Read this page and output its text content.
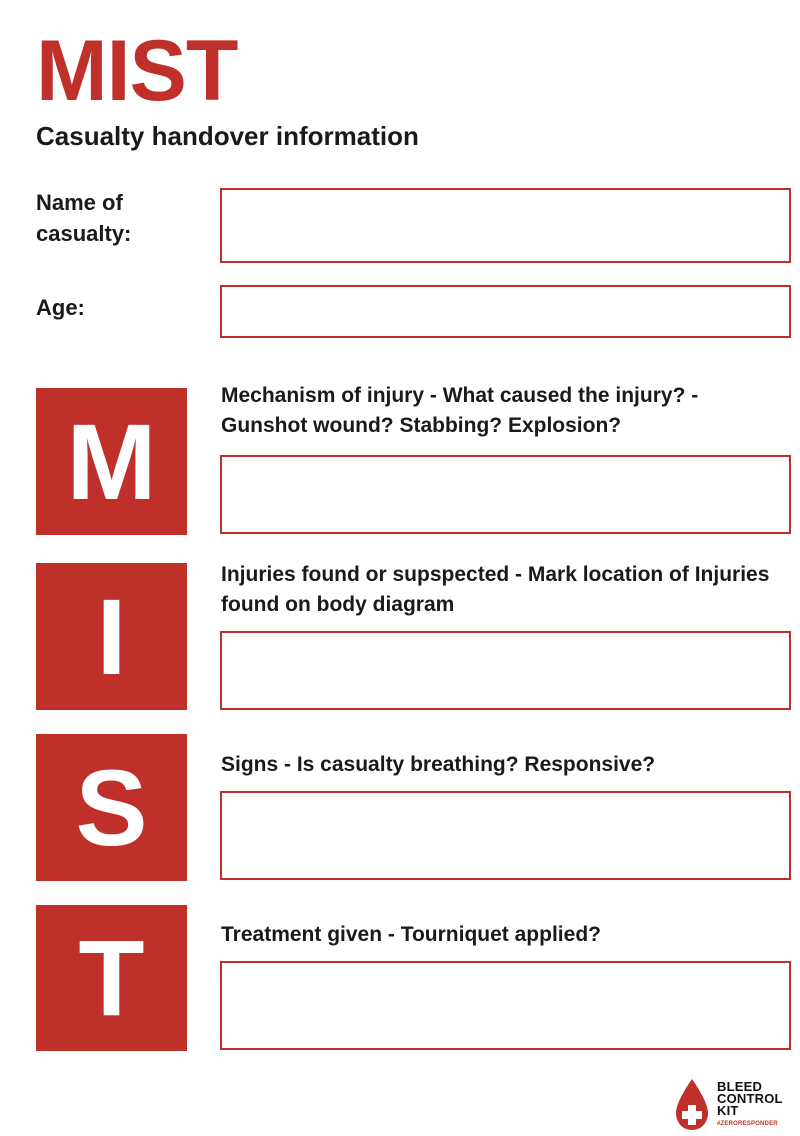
MIST
Casualty handover information
Name of casualty:
Age:
M
Mechanism of injury - What caused the injury? - Gunshot wound? Stabbing? Explosion?
I
Injuries found or supspected - Mark location of Injuries found on body diagram
S	Signs - Is casualty breathing? Responsive?
T	Treatment given - Tourniquet applied?
BLEED
CONTROL
KIT
#ZERORESPONDER
